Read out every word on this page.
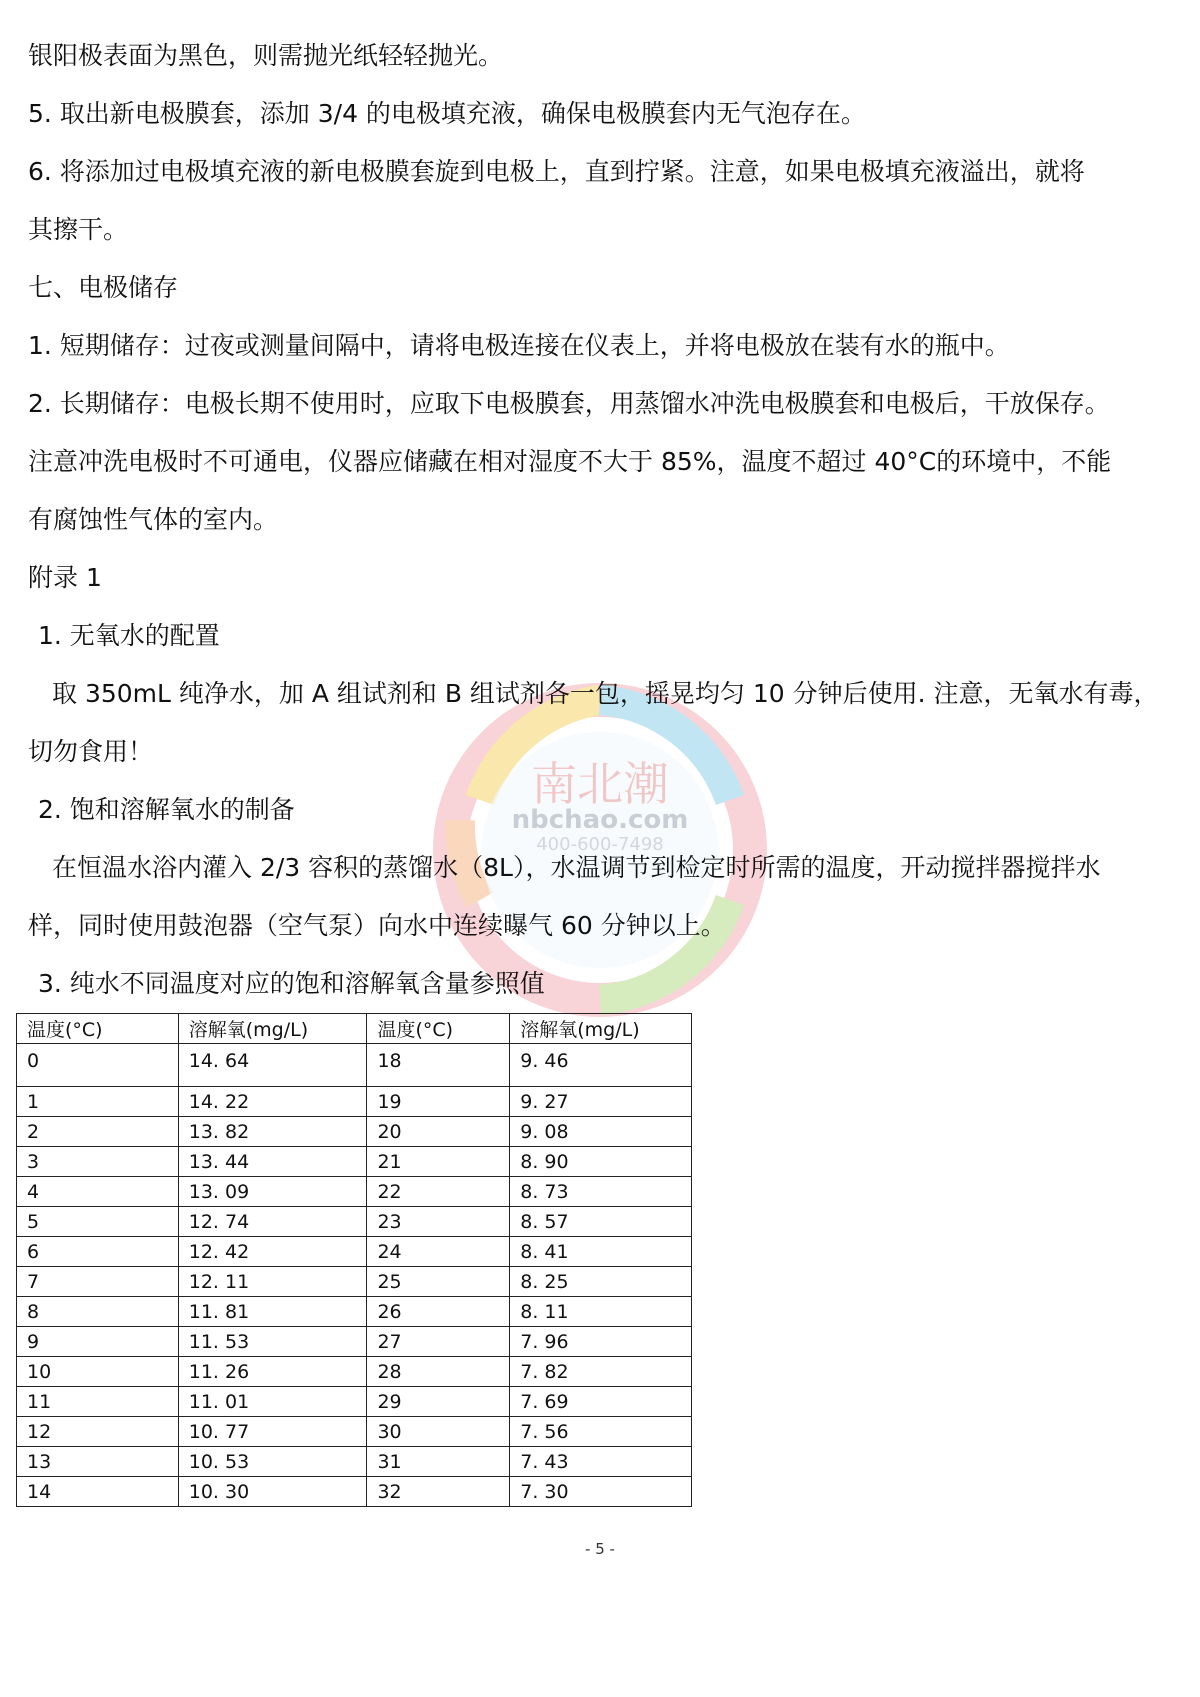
南北潮
nbchao.com
400-600-7498
银阳极表面为黑色，则需抛光纸轻轻抛光。
5. 取出新电极膜套，添加 3/4 的电极填充液，确保电极膜套内无气泡存在。
6. 将添加过电极填充液的新电极膜套旋到电极上，直到拧紧。注意，如果电极填充液溢出，就将
其擦干。
七、电极储存
1. 短期储存：过夜或测量间隔中，请将电极连接在仪表上，并将电极放在装有水的瓶中。
2. 长期储存：电极长期不使用时，应取下电极膜套，用蒸馏水冲洗电极膜套和电极后，干放保存。
注意冲洗电极时不可通电，仪器应储藏在相对湿度不大于 85%，温度不超过 40°C的环境中，不能
有腐蚀性气体的室内。
附录 1
1. 无氧水的配置
取 350mL 纯净水，加 A 组试剂和 B 组试剂各一包，摇晃均匀 10 分钟后使用. 注意，无氧水有毒，
切勿食用！
2. 饱和溶解氧水的制备
在恒温水浴内灌入 2/3 容积的蒸馏水（8L），水温调节到检定时所需的温度，开动搅拌器搅拌水
样，同时使用鼓泡器（空气泵）向水中连续曝气 60 分钟以上。
3. 纯水不同温度对应的饱和溶解氧含量参照值
温度(°C)	溶解氧(mg/L)	温度(°C)	溶解氧(mg/L)
0	14. 64	18	9. 46
1	14. 22	19	9. 27
2	13. 82	20	9. 08
3	13. 44	21	8. 90
4	13. 09	22	8. 73
5	12. 74	23	8. 57
6	12. 42	24	8. 41
7	12. 11	25	8. 25
8	11. 81	26	8. 11
9	11. 53	27	7. 96
10	11. 26	28	7. 82
11	11. 01	29	7. 69
12	10. 77	30	7. 56
13	10. 53	31	7. 43
14	10. 30	32	7. 30
- 5 -
